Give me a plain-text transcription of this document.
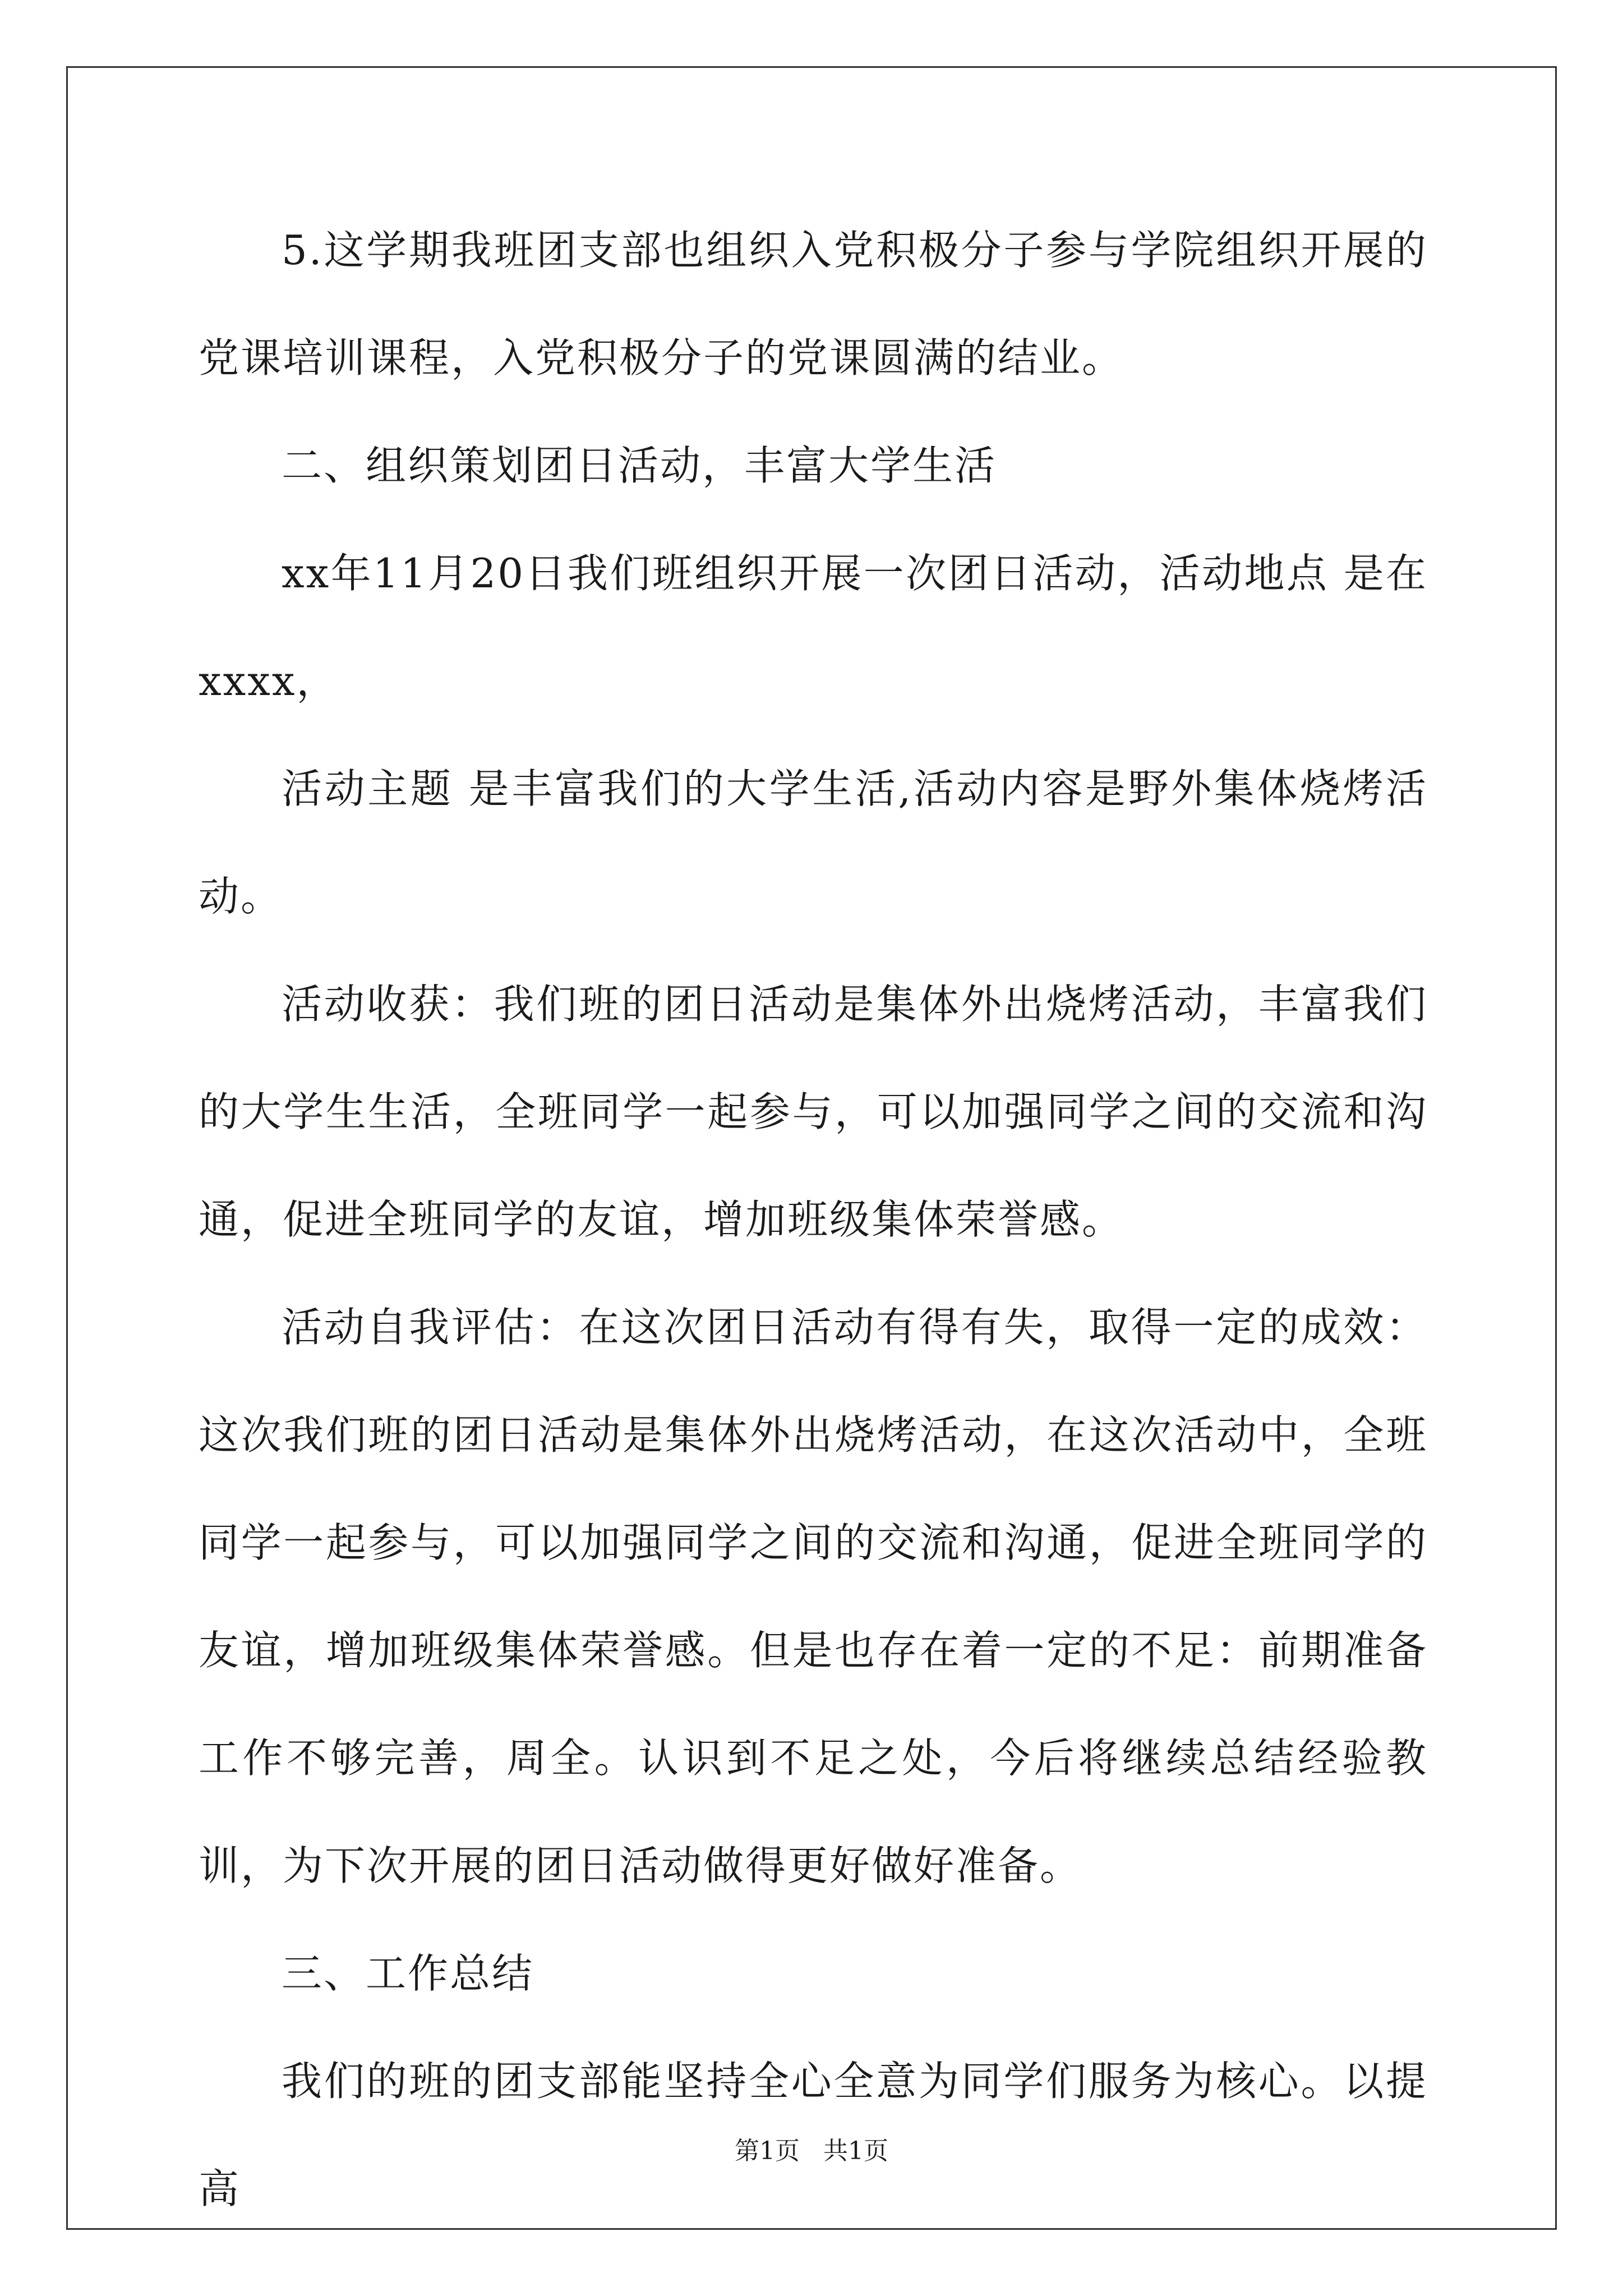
5.这学期我班团支部也组织入党积极分子参与学院组织开展的党课培训课程，入党积极分子的党课圆满的结业。

二、组织策划团日活动，丰富大学生活

xx年11月20日我们班组织开展一次团日活动，活动地点 是在xxxx，

活动主题 是丰富我们的大学生活,活动内容是野外集体烧烤活动。

活动收获：我们班的团日活动是集体外出烧烤活动，丰富我们的大学生生活，全班同学一起参与，可以加强同学之间的交流和沟通，促进全班同学的友谊，增加班级集体荣誉感。

活动自我评估：在这次团日活动有得有失，取得一定的成效：这次我们班的团日活动是集体外出烧烤活动，在这次活动中，全班同学一起参与，可以加强同学之间的交流和沟通，促进全班同学的友谊，增加班级集体荣誉感。但是也存在着一定的不足：前期准备工作不够完善，周全。认识到不足之处，今后将继续总结经验教训，为下次开展的团日活动做得更好做好准备。

三、工作总结

我们的班的团支部能坚持全心全意为同学们服务为核心。以提高

第1页 共1页
